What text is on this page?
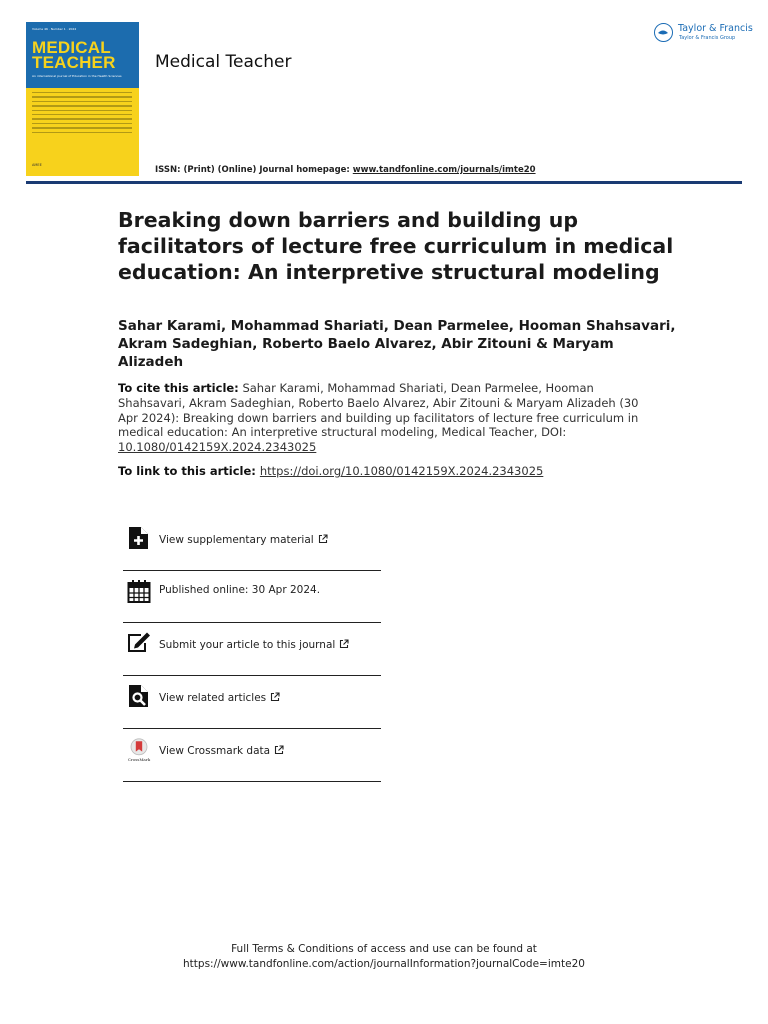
Volume 46 · Number 1 · 2024
MEDICAL
TEACHER
An international journal of Education in the Health Sciences
AMEE
Medical Teacher
Taylor & Francis
Taylor & Francis Group
ISSN: (Print) (Online) Journal homepage: www.tandfonline.com/journals/imte20
Breaking down barriers and building up facilitators of lecture free curriculum in medical education: An interpretive structural modeling
Sahar Karami, Mohammad Shariati, Dean Parmelee, Hooman Shahsavari, Akram Sadeghian, Roberto Baelo Alvarez, Abir Zitouni & Maryam Alizadeh
To cite this article: Sahar Karami, Mohammad Shariati, Dean Parmelee, Hooman Shahsavari, Akram Sadeghian, Roberto Baelo Alvarez, Abir Zitouni & Maryam Alizadeh (30 Apr 2024): Breaking down barriers and building up facilitators of lecture free curriculum in medical education: An interpretive structural modeling, Medical Teacher, DOI: 10.1080/0142159X.2024.2343025
To link to this article: https://doi.org/10.1080/0142159X.2024.2343025
View supplementary material
Published online: 30 Apr 2024.
Submit your article to this journal
View related articles
CrossMark
View Crossmark data
Full Terms & Conditions of access and use can be found at
https://www.tandfonline.com/action/journalInformation?journalCode=imte20
